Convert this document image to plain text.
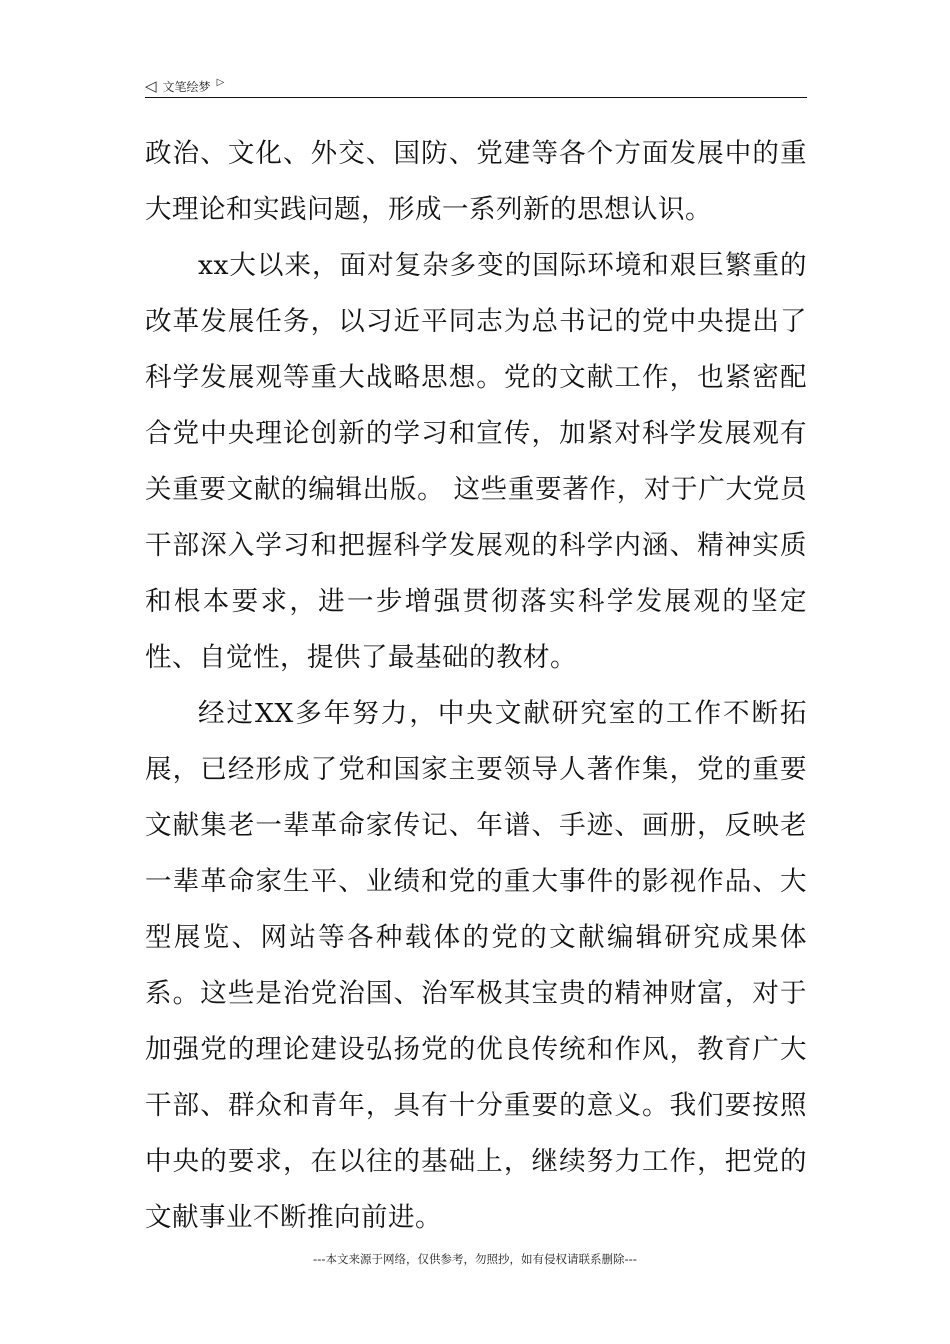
◁ 文笔绘梦 ▷

政治、文化、外交、国防、党建等各个方面发展中的重大理论和实践问题，形成一系列新的思想认识。

xx大以来，面对复杂多变的国际环境和艰巨繁重的改革发展任务，以习近平同志为总书记的党中央提出了科学发展观等重大战略思想。党的文献工作，也紧密配合党中央理论创新的学习和宣传，加紧对科学发展观有关重要文献的编辑出版。 这些重要著作，对于广大党员干部深入学习和把握科学发展观的科学内涵、精神实质和根本要求，进一步增强贯彻落实科学发展观的坚定性、自觉性，提供了最基础的教材。

经过XX多年努力，中央文献研究室的工作不断拓展，已经形成了党和国家主要领导人著作集，党的重要文献集老一辈革命家传记、年谱、手迹、画册，反映老一辈革命家生平、业绩和党的重大事件的影视作品、大型展览、网站等各种载体的党的文献编辑研究成果体系。这些是治党治国、治军极其宝贵的精神财富，对于加强党的理论建设弘扬党的优良传统和作风，教育广大干部、群众和青年，具有十分重要的意义。我们要按照中央的要求，在以往的基础上，继续努力工作，把党的文献事业不断推向前进。

---本文来源于网络，仅供参考，勿照抄，如有侵权请联系删除---
